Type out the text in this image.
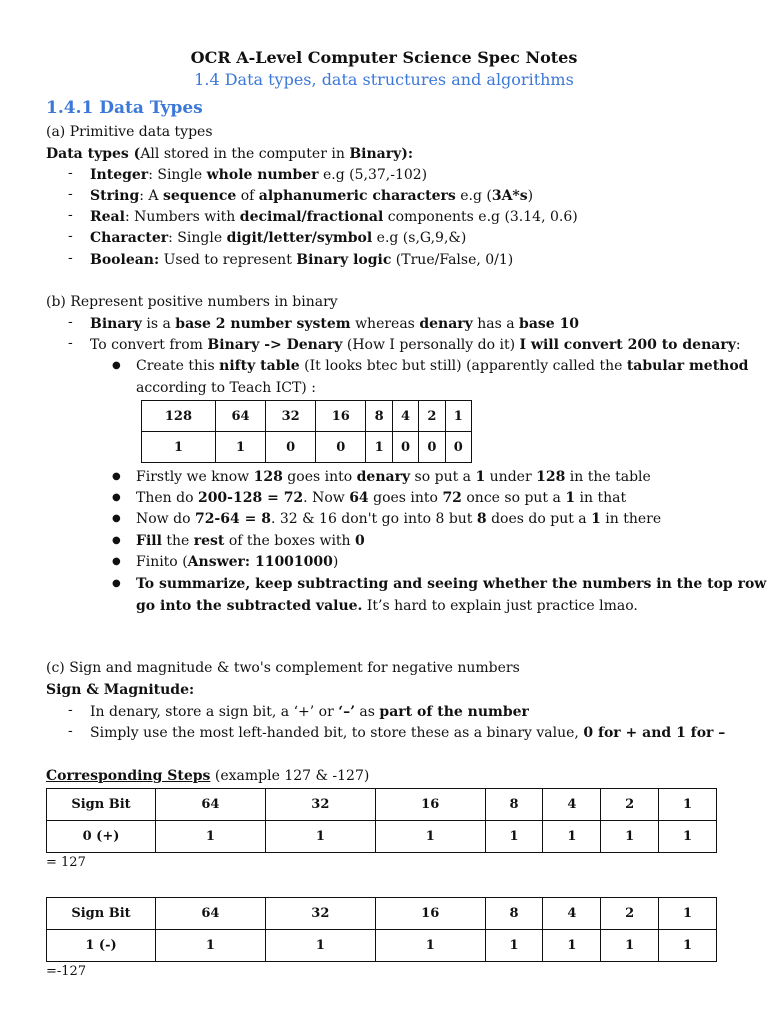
OCR A-Level Computer Science Spec Notes
1.4 Data types, data structures and algorithms
1.4.1 Data Types
(a) Primitive data types
Data types (All stored in the computer in Binary):
-	Integer: Single whole number e.g (5,37,-102)
-	String: A sequence of alphanumeric characters e.g (3A*s)
-	Real: Numbers with decimal/fractional components e.g (3.14, 0.6)
-	Character: Single digit/letter/symbol e.g (s,G,9,&)
-	Boolean: Used to represent Binary logic (True/False, 0/1)
(b) Represent positive numbers in binary
-	Binary is a base 2 number system whereas denary has a base 10
-	To convert from Binary -> Denary (How I personally do it) I will convert 200 to denary:
● Create this nifty table (It looks btec but still) (apparently called the tabular method
according to Teach ICT) :
128	64	32	16	8	4	2	1
1	1	0	0	1	0	0	0
● Firstly we know 128 goes into denary so put a 1 under 128 in the table
● Then do 200-128 = 72. Now 64 goes into 72 once so put a 1 in that
● Now do 72-64 = 8. 32 & 16 don't go into 8 but 8 does do put a 1 in there
● Fill the rest of the boxes with 0
● Finito (Answer: 11001000)
● To summarize, keep subtracting and seeing whether the numbers in the top row
go into the subtracted value. It’s hard to explain just practice lmao.
(c) Sign and magnitude & two's complement for negative numbers
Sign & Magnitude:
-	In denary, store a sign bit, a ‘+’ or ‘–’ as part of the number
-	Simply use the most left-handed bit, to store these as a binary value, 0 for + and 1 for –
Corresponding Steps (example 127 & -127)
Sign Bit	64	32	16	8	4	2	1
0 (+)	1	1	1	1	1	1	1
= 127
Sign Bit	64	32	16	8	4	2	1
1 (-)	1	1	1	1	1	1	1
=-127
